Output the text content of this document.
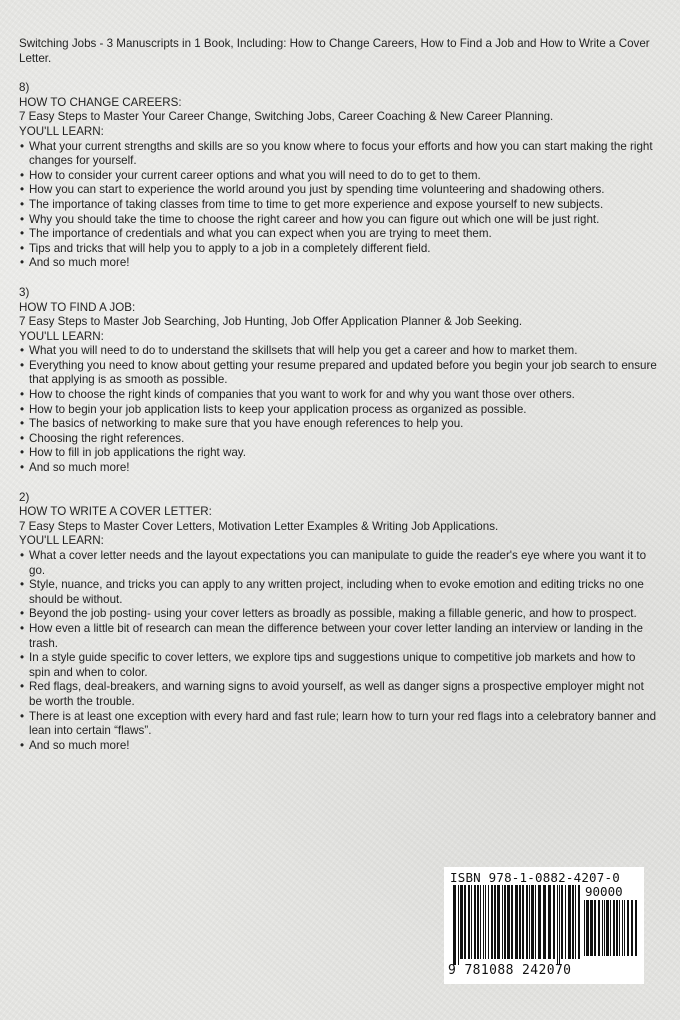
Switching Jobs - 3 Manuscripts in 1 Book, Including: How to Change Careers, How to Find a Job and How to Write a Cover Letter.

8)

HOW TO CHANGE CAREERS:

7 Easy Steps to Master Your Career Change, Switching Jobs, Career Coaching & New Career Planning.

YOU'LL LEARN:

• What your current strengths and skills are so you know where to focus your efforts and how you can start making the right changes for yourself.
• How to consider your current career options and what you will need to do to get to them.
• How you can start to experience the world around you just by spending time volunteering and shadowing others.
• The importance of taking classes from time to time to get more experience and expose yourself to new subjects.
• Why you should take the time to choose the right career and how you can figure out which one will be just right.
• The importance of credentials and what you can expect when you are trying to meet them.
• Tips and tricks that will help you to apply to a job in a completely different field.
• And so much more!

3)

HOW TO FIND A JOB:

7 Easy Steps to Master Job Searching, Job Hunting, Job Offer Application Planner & Job Seeking.

YOU'LL LEARN:

• What you will need to do to understand the skillsets that will help you get a career and how to market them.
• Everything you need to know about getting your resume prepared and updated before you begin your job search to ensure that applying is as smooth as possible.
• How to choose the right kinds of companies that you want to work for and why you want those over others.
• How to begin your job application lists to keep your application process as organized as possible.
• The basics of networking to make sure that you have enough references to help you.
• Choosing the right references.
• How to fill in job applications the right way.
• And so much more!

2)

HOW TO WRITE A COVER LETTER:

7 Easy Steps to Master Cover Letters, Motivation Letter Examples & Writing Job Applications.

YOU'LL LEARN:

• What a cover letter needs and the layout expectations you can manipulate to guide the reader's eye where you want it to go.
• Style, nuance, and tricks you can apply to any written project, including when to evoke emotion and editing tricks no one should be without.
• Beyond the job posting- using your cover letters as broadly as possible, making a fillable generic, and how to prospect.
• How even a little bit of research can mean the difference between your cover letter landing an interview or landing in the trash.
• In a style guide specific to cover letters, we explore tips and suggestions unique to competitive job markets and how to spin and when to color.
• Red flags, deal-breakers, and warning signs to avoid yourself, as well as danger signs a prospective employer might not be worth the trouble.
• There is at least one exception with every hard and fast rule; learn how to turn your red flags into a celebratory banner and lean into certain “flaws”.
• And so much more!
ISBN 978-1-0882-4207-0
90000
9 781088 242070
